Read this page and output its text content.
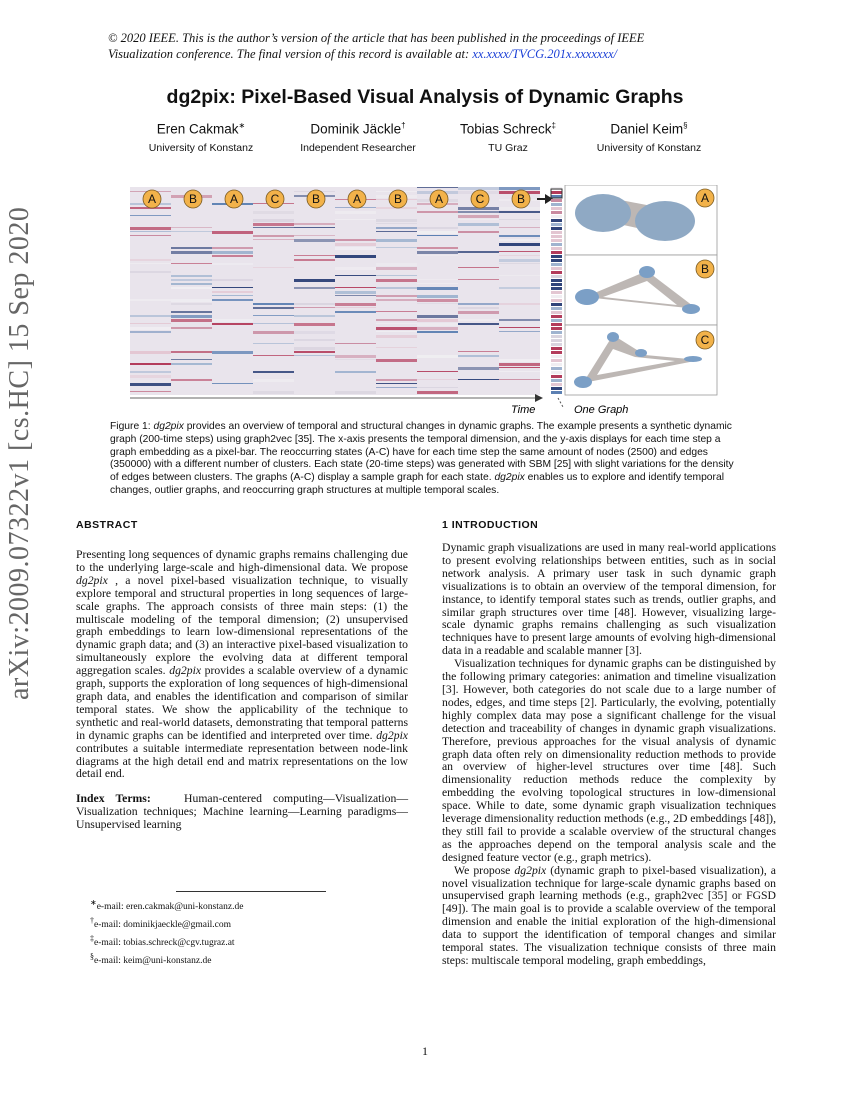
© 2020 IEEE. This is the author’s version of the article that has been published in the proceedings of IEEE
Visualization conference. The final version of this record is available at: xx.xxxx/TVCG.201x.xxxxxxx/
arXiv:2009.07322v1 [cs.HC] 15 Sep 2020
dg2pix: Pixel-Based Visual Analysis of Dynamic Graphs
Eren Cakmak∗
University of Konstanz
Dominik Jäckle†
Independent Researcher
Tobias Schreck‡
TU Graz
Daniel Keim§
University of Konstanz
A	B	A	C	B	A	B	A	C	B
Time	One Graph
A
B
C
Figure 1: dg2pix provides an overview of temporal and structural changes in dynamic graphs. The example presents a synthetic dynamic graph (200-time steps) using graph2vec [35]. The x-axis presents the temporal dimension, and the y-axis displays for each time step a graph embedding as a pixel-bar. The reoccurring states (A-C) have for each time step the same amount of nodes (2500) and edges (350000) with a different number of clusters. Each state (20-time steps) was generated with SBM [25] with slight variations for the density of edges between clusters. The graphs (A-C) display a sample graph for each state. dg2pix enables us to explore and identify temporal changes, outlier graphs, and reoccurring graph structures at multiple temporal scales.
ABSTRACT

Presenting long sequences of dynamic graphs remains challenging due to the underlying large-scale and high-dimensional data. We propose dg2pix , a novel pixel-based visualization technique, to visually explore temporal and structural properties in long sequences of large-scale graphs. The approach consists of three main steps: (1) the multiscale modeling of the temporal dimension; (2) unsupervised graph embeddings to learn low-dimensional representations of the dynamic graph data; and (3) an interactive pixel-based visualization to simultaneously explore the evolving data at different temporal aggregation scales. dg2pix provides a scalable overview of a dynamic graph, supports the exploration of long sequences of high-dimensional graph data, and enables the identification and comparison of similar temporal states. We show the applicability of the technique to synthetic and real-world datasets, demonstrating that temporal patterns in dynamic graphs can be identified and interpreted over time. dg2pix contributes a suitable intermediate representation between node-link diagrams at the high detail end and matrix representations on the low detail end.

Index Terms:	Human-centered computing—Visualization—Visualization techniques; Machine learning—Learning paradigms—Unsupervised learning

∗e-mail: eren.cakmak@uni-konstanz.de
†e-mail: dominikjaeckle@gmail.com
‡e-mail: tobias.schreck@cgv.tugraz.at
§e-mail: keim@uni-konstanz.de
1 INTRODUCTION

Dynamic graph visualizations are used in many real-world applications to present evolving relationships between entities, such as in social network analysis. A primary user task in such dynamic graph visualizations is to obtain an overview of the temporal dimension, for instance, to identify temporal states such as trends, outlier graphs, and similar graph structures over time [48]. However, visualizing large-scale dynamic graphs remains challenging as such visualization techniques have to present large amounts of evolving high-dimensional data in a readable and scalable manner [3].

Visualization techniques for dynamic graphs can be distinguished by the following primary categories: animation and timeline visualization [3]. However, both categories do not scale due to a large number of nodes, edges, and time steps [2]. Particularly, the evolving, potentially highly complex data may pose a significant challenge for the visual detection and traceability of changes in dynamic graph visualizations. Therefore, previous approaches for the visual analysis of dynamic graph data often rely on dimensionality reduction methods to provide an overview of higher-level structures over time [48]. Such dimensionality reduction methods reduce the complexity by embedding the evolving topological structures in low-dimensional space. While to date, some dynamic graph visualization techniques leverage dimensionality reduction methods (e.g., 2D embeddings [48]), they still fail to provide a scalable overview of the structural changes as the approaches depend on the temporal analysis scale and the designed feature vector (e.g., graph metrics).

We propose dg2pix (dynamic graph to pixel-based visualization), a novel visualization technique for large-scale dynamic graphs based on unsupervised graph learning methods (e.g., graph2vec [35] or FGSD [49]). The main goal is to provide a scalable overview of the temporal dimension and enable the initial exploration of the high-dimensional data to support the identification of temporal changes and similar temporal states. The visualization technique consists of three main steps: multiscale temporal modeling, graph embeddings,

1
